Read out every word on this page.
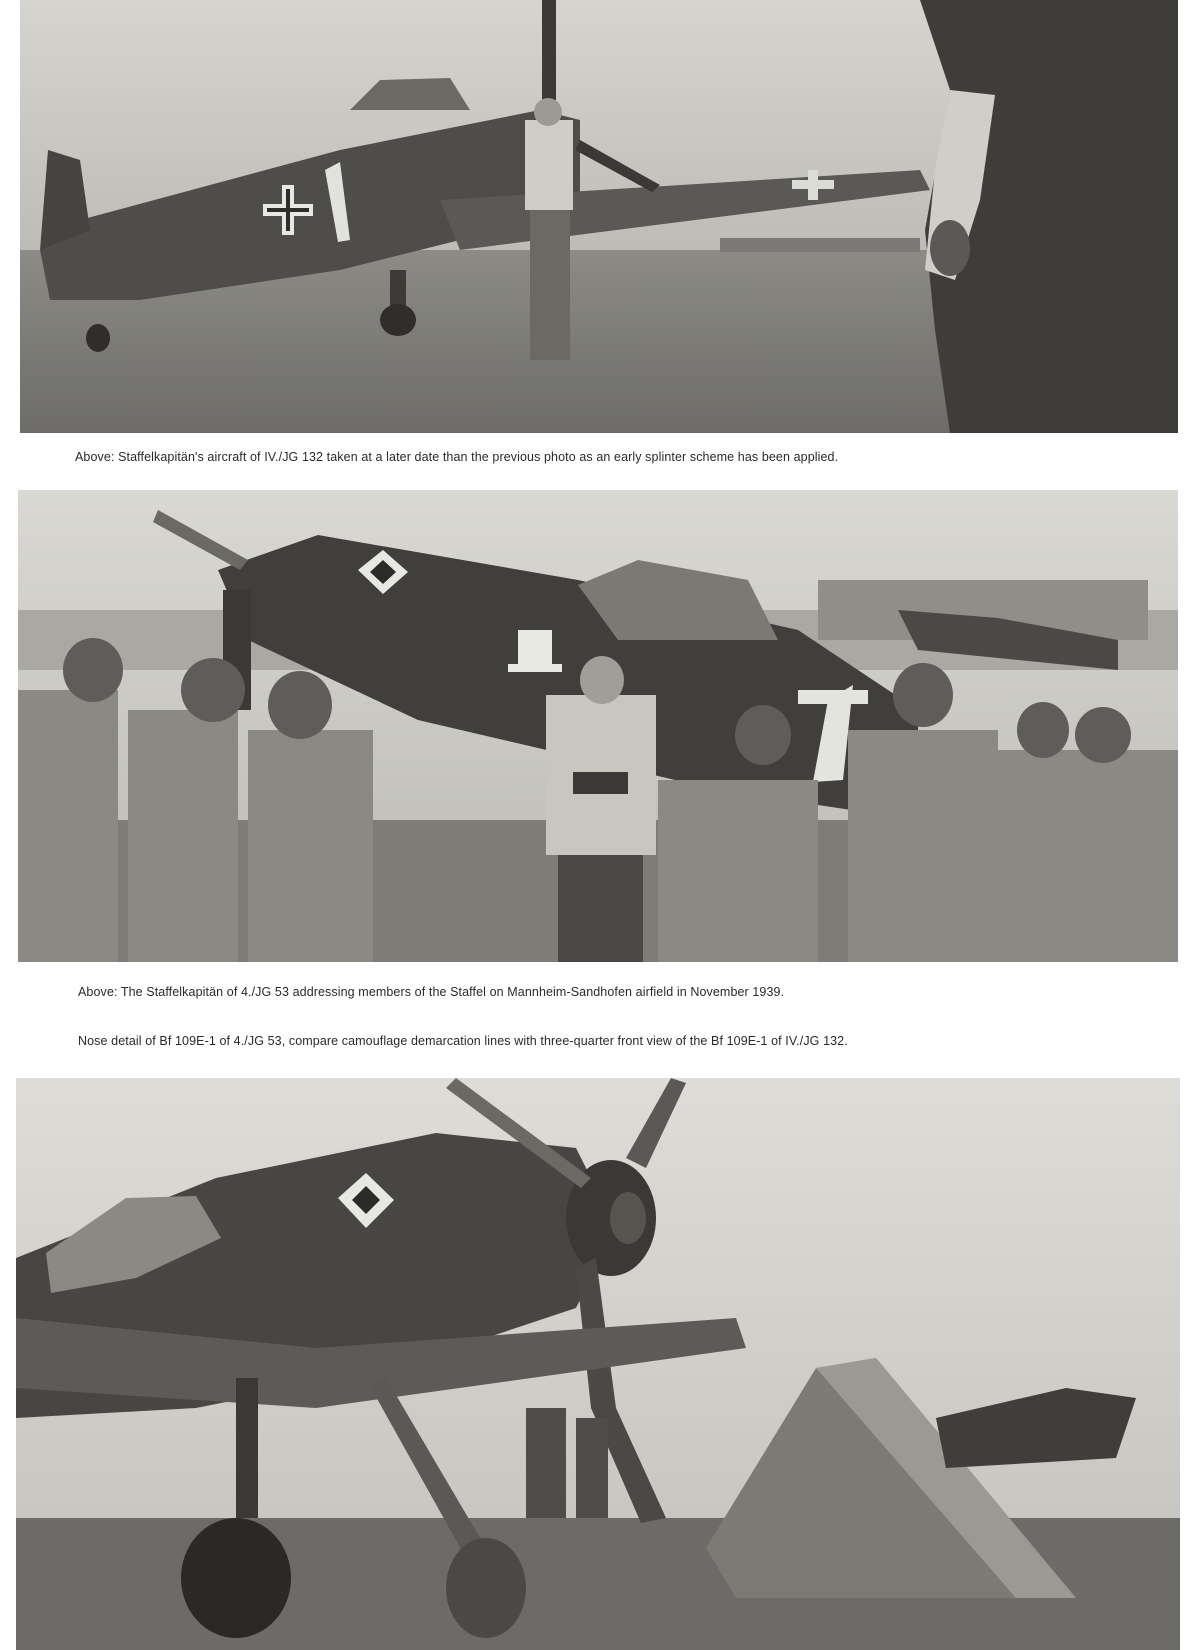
Above: Staffelkapitän's aircraft of IV./JG 132 taken at a later date than the previous photo as an early splinter scheme has been applied.
Above: The Staffelkapitän of 4./JG 53 addressing members of the Staffel on Mannheim-Sandhofen airfield in November 1939.
Nose detail of Bf 109E-1 of 4./JG 53, compare camouflage demarcation lines with three-quarter front view of the Bf 109E-1 of IV./JG 132.
